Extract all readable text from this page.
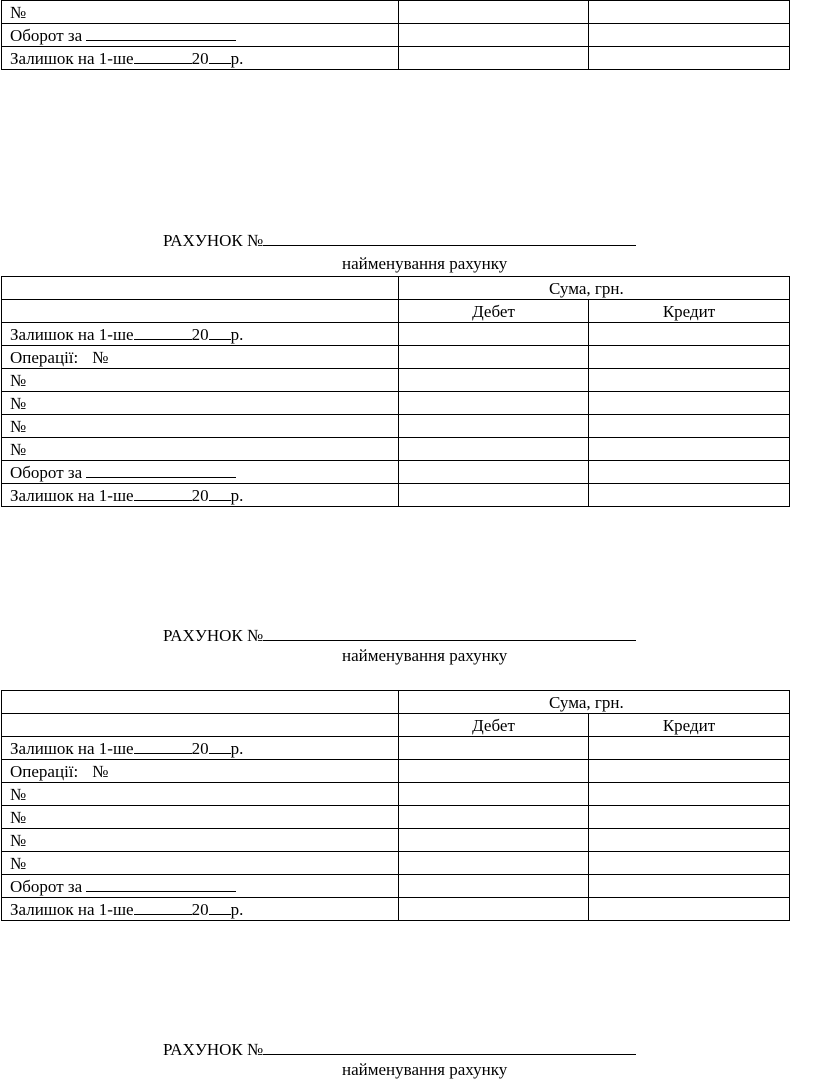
№		
Оборот за		
Залишок на 1-ше 20 р.		
РАХУНОК №
найменування рахунку
	Сума, грн.	
	Дебет	Кредит
Залишок на 1-ше 20 р.		
Операції: №		
№		
№		
№		
№		
Оборот за		
Залишок на 1-ше 20 р.		
РАХУНОК №
найменування рахунку
	Сума, грн.	
	Дебет	Кредит
Залишок на 1-ше 20 р.		
Операції: №		
№		
№		
№		
№		
Оборот за		
Залишок на 1-ше 20 р.		
РАХУНОК №
найменування рахунку
